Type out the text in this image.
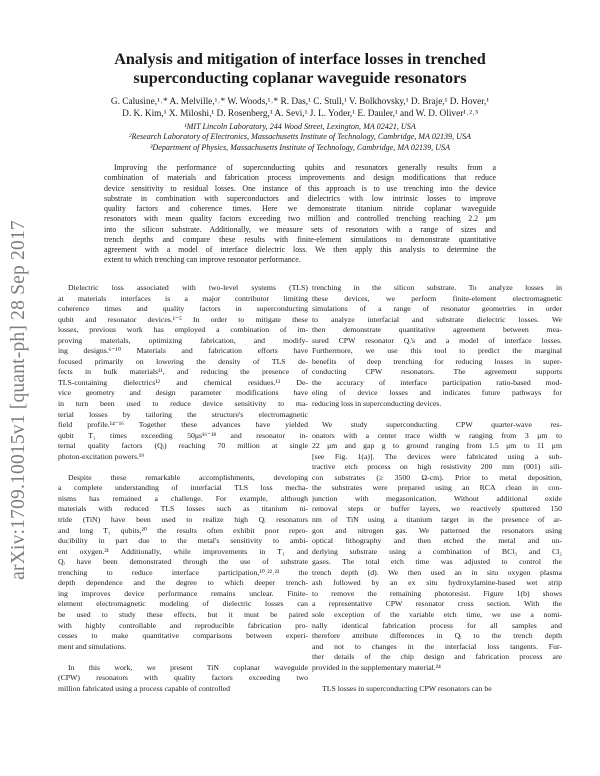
arXiv:1709.10015v1 [quant-ph] 28 Sep 2017
Analysis and mitigation of interface losses in trenched
superconducting coplanar waveguide resonators
G. Calusine,¹˒* A. Melville,¹˒* W. Woods,¹˒* R. Das,¹ C. Stull,¹ V. Bolkhovsky,¹ D. Braje,¹ D. Hover,¹
D. K. Kim,¹ X. Miloshi,¹ D. Rosenberg,¹ A. Sevi,¹ J. L. Yoder,¹ E. Dauler,¹ and W. D. Oliver¹˒²˒³
¹MIT Lincoln Laboratory, 244 Wood Street, Lexington, MA 02421, USA
²Research Laboratory of Electronics, Massachusetts Institute of Technology, Cambridge, MA 02139, USA
³Department of Physics, Massachusetts Institute of Technology, Cambridge, MA 02139, USA
Improving the performance of superconducting qubits and resonators generally results from a
combination of materials and fabrication process improvements and design modifications that reduce
device sensitivity to residual losses. One instance of this approach is to use trenching into the device
substrate in combination with superconductors and dielectrics with low intrinsic losses to improve
quality factors and coherence times. Here we demonstrate titanium nitride coplanar waveguide
resonators with mean quality factors exceeding two million and controlled trenching reaching 2.2 μm
into the silicon substrate. Additionally, we measure sets of resonators with a range of sizes and
trench depths and compare these results with finite-element simulations to demonstrate quantitative
agreement with a model of interface dielectric loss. We then apply this analysis to determine the
extent to which trenching can improve resonator performance.
Dielectric loss associated with two-level systems (TLS)
at materials interfaces is a major contributor limiting
coherence times and quality factors in superconducting
qubit and resonator devices.¹⁻⁵ In order to mitigate these
losses, previous work has employed a combination of im-
proving materials, optimizing fabrication, and modify-
ing designs.⁶⁻¹⁰ Materials and fabrication efforts have
focused primarily on lowering the density of TLS de-
fects in bulk materials¹¹, and reducing the presence of
TLS-containing dielectrics¹² and chemical residues.¹³ De-
vice geometry and design parameter modifications have
in turn been used to reduce device sensitivity to ma-
terial losses by tailoring the structure's electromagnetic
field profile.¹⁴⁻¹⁶ Together these advances have yielded
qubit T₁ times exceeding 50μs¹⁶⁻¹⁸ and resonator in-
ternal quality factors (Qᵢ) reaching 70 million at single
photon-excitation powers.¹⁹
Despite these remarkable accomplishments, developing
a complete understanding of interfacial TLS loss mecha-
nisms has remained a challenge. For example, although
materials with reduced TLS losses such as titanium ni-
tride (TiN) have been used to realize high Qᵢ resonators
and long T₁ qubits,²⁰ the results often exhibit poor repro-
ducibility in part due to the metal's sensitivity to ambi-
ent oxygen.²¹ Additionally, while improvements in T₁ and
Qᵢ have been demonstrated through the use of substrate
trenching to reduce interface participation,¹⁰˒²²˒²³ the
depth dependence and the degree to which deeper trench-
ing improves device performance remains unclear. Finite-
element electromagnetic modeling of dielectric losses can
be used to study these effects, but it must be paired
with highly controllable and reproducible fabrication pro-
cesses to make quantitative comparisons between experi-
ment and simulations.
In this work, we present TiN coplanar waveguide
(CPW) resonators with quality factors exceeding two
million fabricated using a process capable of controlled
trenching in the silicon substrate. To analyze losses in
these devices, we perform finite-element electromagnetic
simulations of a range of resonator geometries in order
to analyze interfacial and substrate dielectric losses. We
then demonstrate quantitative agreement between mea-
sured CPW resonator Qᵢ's and a model of interface losses.
Furthermore, we use this tool to predict the marginal
benefits of deep trenching for reducing losses in super-
conducting CPW resonators. The agreement supports
the accuracy of interface participation ratio-based mod-
eling of device losses and indicates future pathways for
reducing loss in superconducting devices.
We study superconducting CPW quarter-wave res-
onators with a center trace width w ranging from 3 μm to
22 μm and gap g to ground ranging from 1.5 μm to 11 μm
[see Fig. 1(a)]. The devices were fabricated using a sub-
tractive etch process on high resistivity 200 mm (001) sili-
con substrates (≥ 3500 Ω-cm). Prior to metal deposition,
the substrates were prepared using an RCA clean in con-
junction with megasonication. Without additional oxide
removal steps or buffer layers, we reactively sputtered 150
nm of TiN using a titanium target in the presence of ar-
gon and nitrogen gas. We patterned the resonators using
optical lithography and then etched the metal and un-
derlying substrate using a combination of BCl₃ and Cl₂
gases. The total etch time was adjusted to control the
trench depth (d). We then used an in situ oxygen plasma
ash followed by an ex situ hydroxylamine-based wet strip
to remove the remaining photoresist. Figure 1(b) shows
a representative CPW resonator cross section. With the
sole exception of the variable etch time, we use a nomi-
nally identical fabrication process for all samples and
therefore attribute differences in Qᵢ to the trench depth
and not to changes in the interfacial loss tangents. Fur-
ther details of the chip design and fabrication process are
provided in the supplementary material.²⁴
TLS losses in superconducting CPW resonators can be
